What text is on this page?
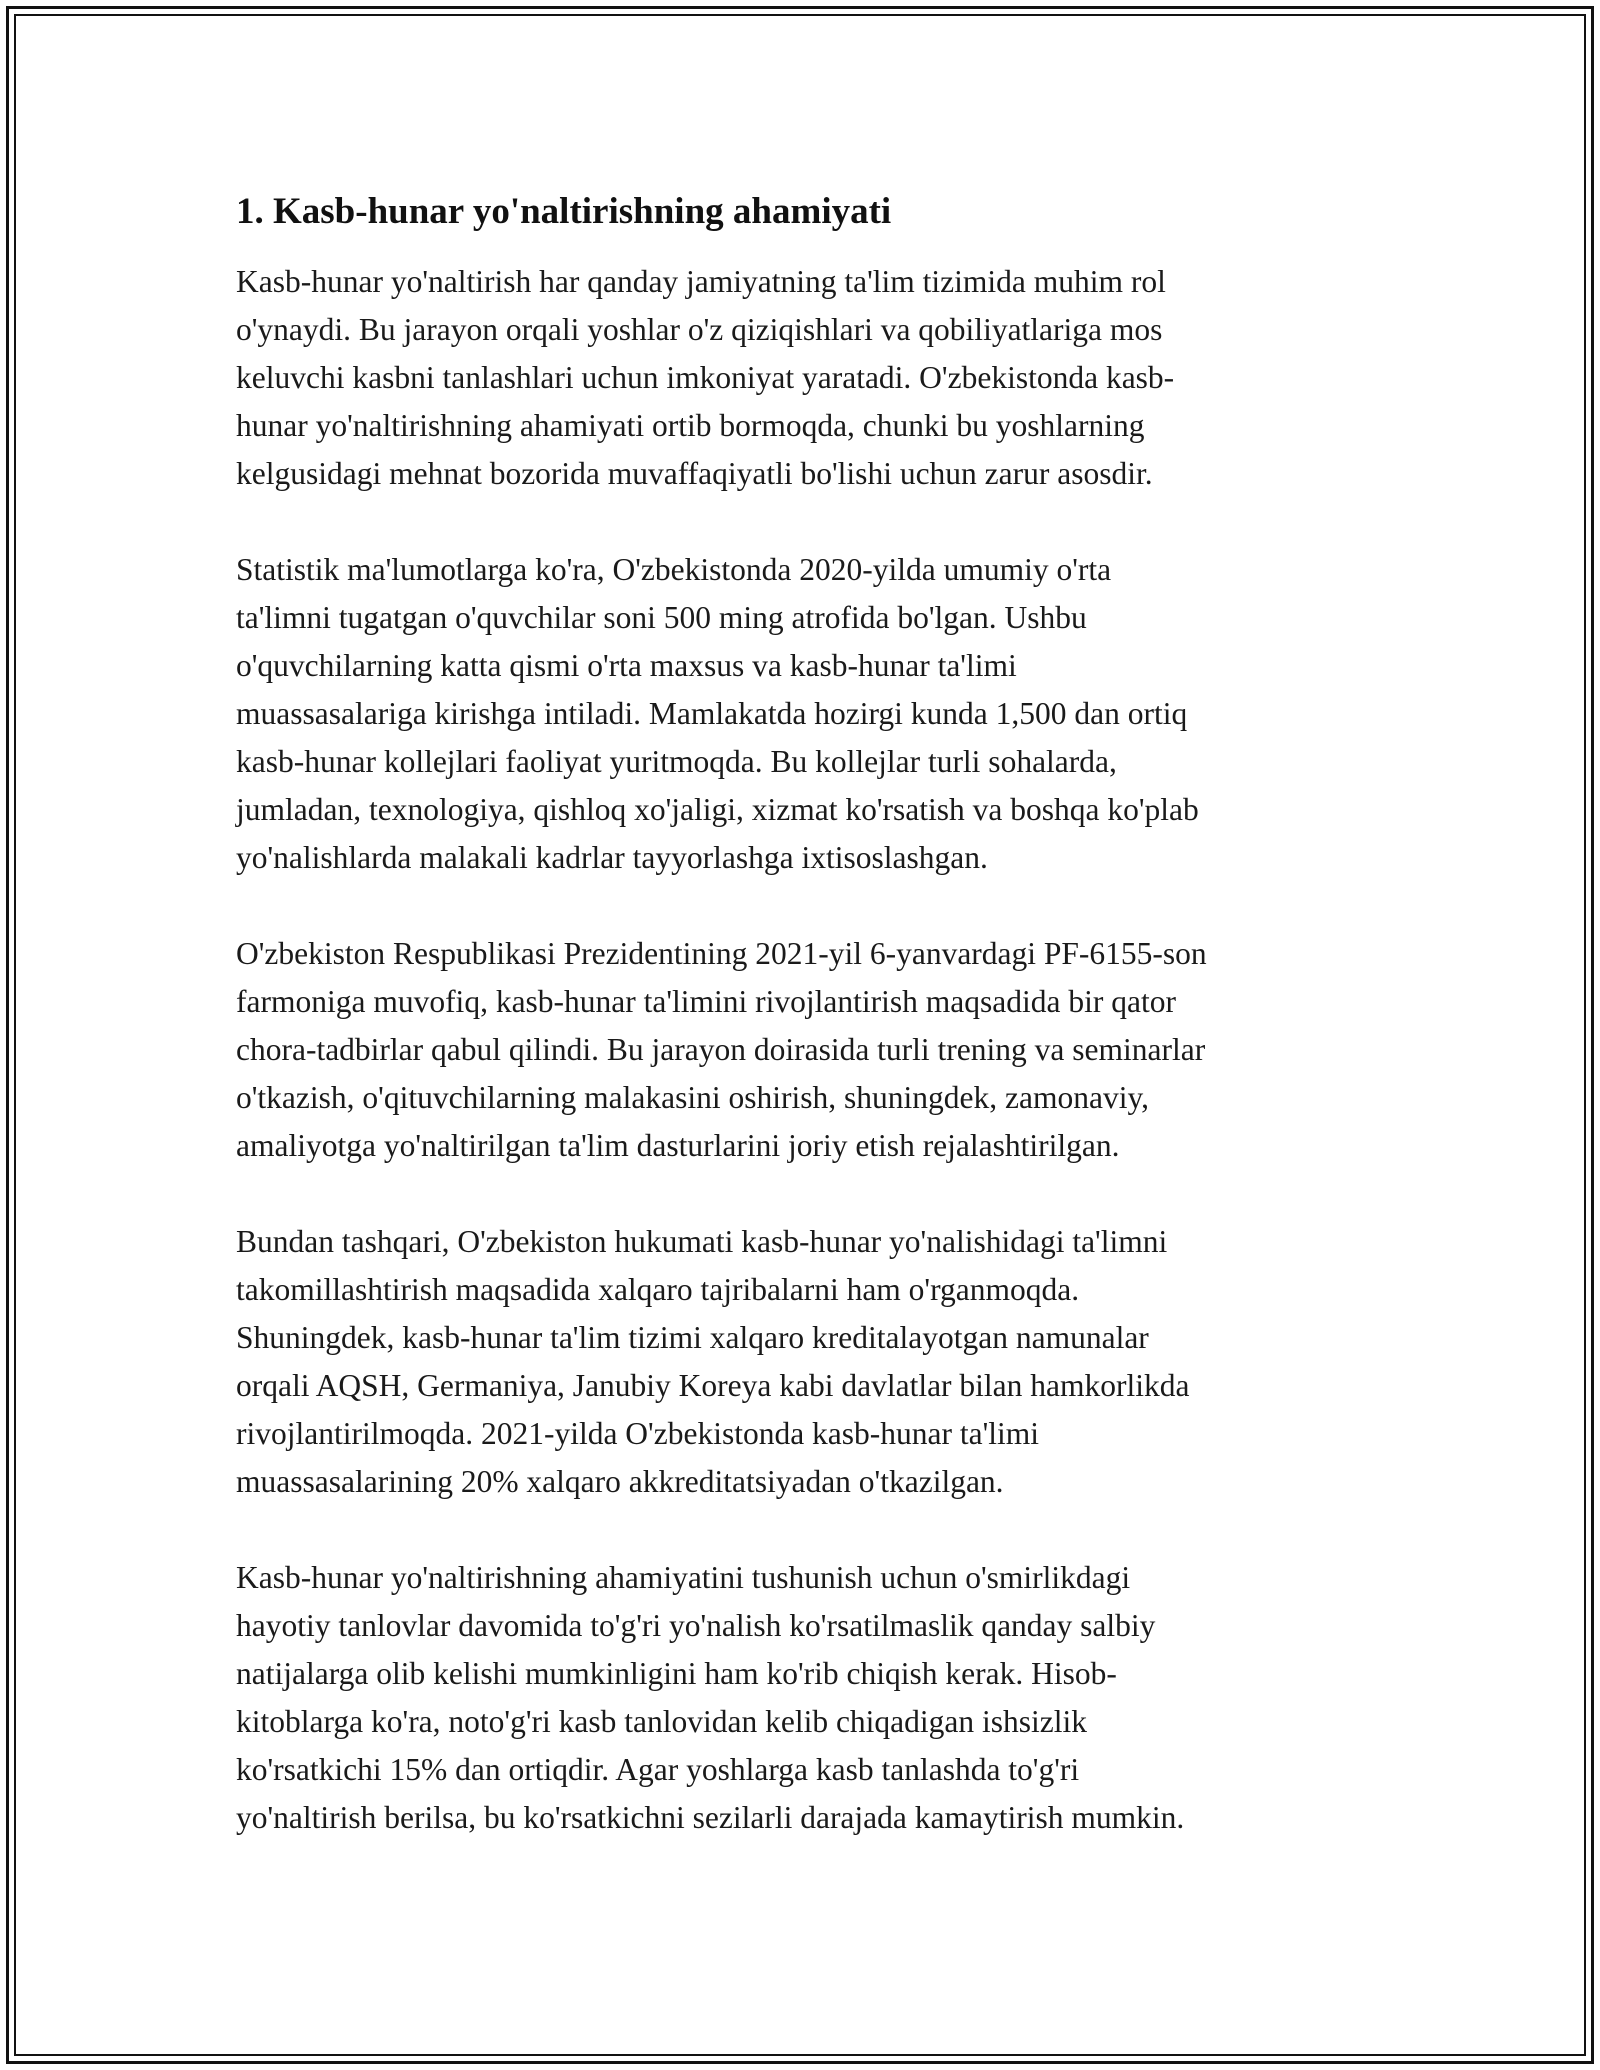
1. Kasb-hunar yo'naltirishning ahamiyati

Kasb-hunar yo'naltirish har qanday jamiyatning ta'lim tizimida muhim rol
o'ynaydi. Bu jarayon orqali yoshlar o'z qiziqishlari va qobiliyatlariga mos
keluvchi kasbni tanlashlari uchun imkoniyat yaratadi. O'zbekistonda kasb-
hunar yo'naltirishning ahamiyati ortib bormoqda, chunki bu yoshlarning
kelgusidagi mehnat bozorida muvaffaqiyatli bo'lishi uchun zarur asosdir.

Statistik ma'lumotlarga ko'ra, O'zbekistonda 2020-yilda umumiy o'rta
ta'limni tugatgan o'quvchilar soni 500 ming atrofida bo'lgan. Ushbu
o'quvchilarning katta qismi o'rta maxsus va kasb-hunar ta'limi
muassasalariga kirishga intiladi. Mamlakatda hozirgi kunda 1,500 dan ortiq
kasb-hunar kollejlari faoliyat yuritmoqda. Bu kollejlar turli sohalarda,
jumladan, texnologiya, qishloq xo'jaligi, xizmat ko'rsatish va boshqa ko'plab
yo'nalishlarda malakali kadrlar tayyorlashga ixtisoslashgan.

O'zbekiston Respublikasi Prezidentining 2021-yil 6-yanvardagi PF-6155-son
farmoniga muvofiq, kasb-hunar ta'limini rivojlantirish maqsadida bir qator
chora-tadbirlar qabul qilindi. Bu jarayon doirasida turli trening va seminarlar
o'tkazish, o'qituvchilarning malakasini oshirish, shuningdek, zamonaviy,
amaliyotga yo'naltirilgan ta'lim dasturlarini joriy etish rejalashtirilgan.

Bundan tashqari, O'zbekiston hukumati kasb-hunar yo'nalishidagi ta'limni
takomillashtirish maqsadida xalqaro tajribalarni ham o'rganmoqda.
Shuningdek, kasb-hunar ta'lim tizimi xalqaro kreditalayotgan namunalar
orqali AQSH, Germaniya, Janubiy Koreya kabi davlatlar bilan hamkorlikda
rivojlantirilmoqda. 2021-yilda O'zbekistonda kasb-hunar ta'limi
muassasalarining 20% xalqaro akkreditatsiyadan o'tkazilgan.

Kasb-hunar yo'naltirishning ahamiyatini tushunish uchun o'smirlikdagi
hayotiy tanlovlar davomida to'g'ri yo'nalish ko'rsatilmaslik qanday salbiy
natijalarga olib kelishi mumkinligini ham ko'rib chiqish kerak. Hisob-
kitoblarga ko'ra, noto'g'ri kasb tanlovidan kelib chiqadigan ishsizlik
ko'rsatkichi 15% dan ortiqdir. Agar yoshlarga kasb tanlashda to'g'ri
yo'naltirish berilsa, bu ko'rsatkichni sezilarli darajada kamaytirish mumkin.
